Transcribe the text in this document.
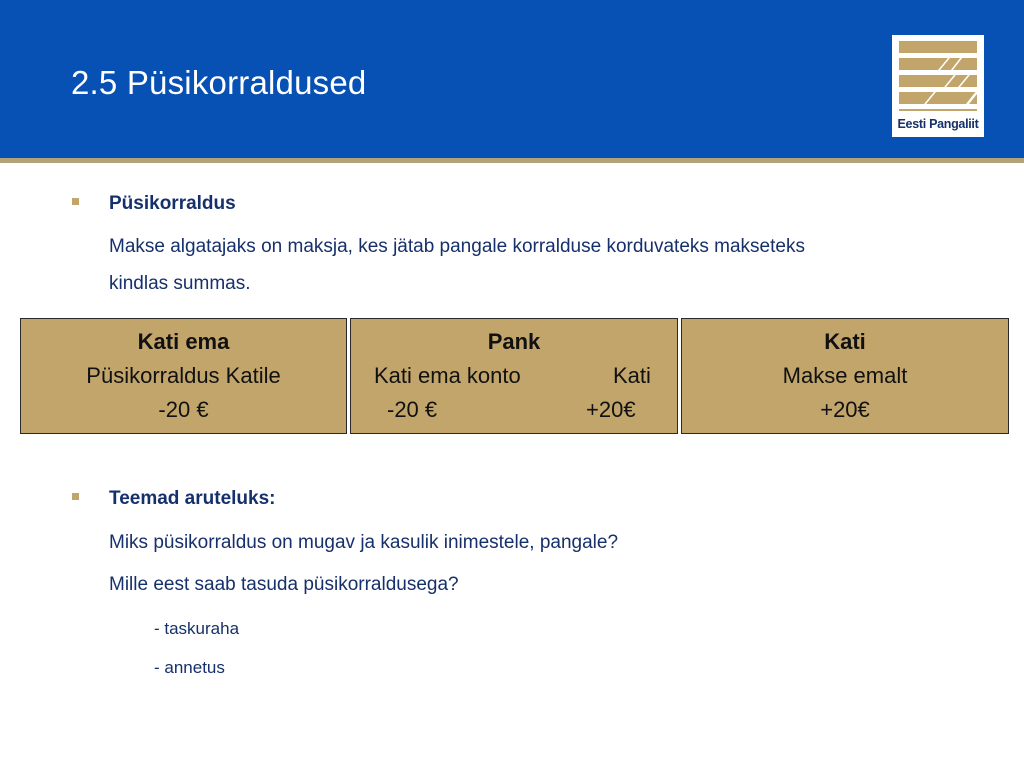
2.5 Püsikorraldused
Eesti Pangaliit
Püsikorraldus
Makse algatajaks on maksja, kes jätab pangale korralduse korduvateks makseteks
kindlas summas.
Kati ema
Püsikorraldus Katile
-20 €
Pank
Kati ema konto	Kati
-20 €	+20€
Kati
Makse emalt
+20€
Teemad aruteluks:
Miks püsikorraldus on mugav ja kasulik inimestele, pangale?
Mille eest saab tasuda püsikorraldusega?
- taskuraha
- annetus
